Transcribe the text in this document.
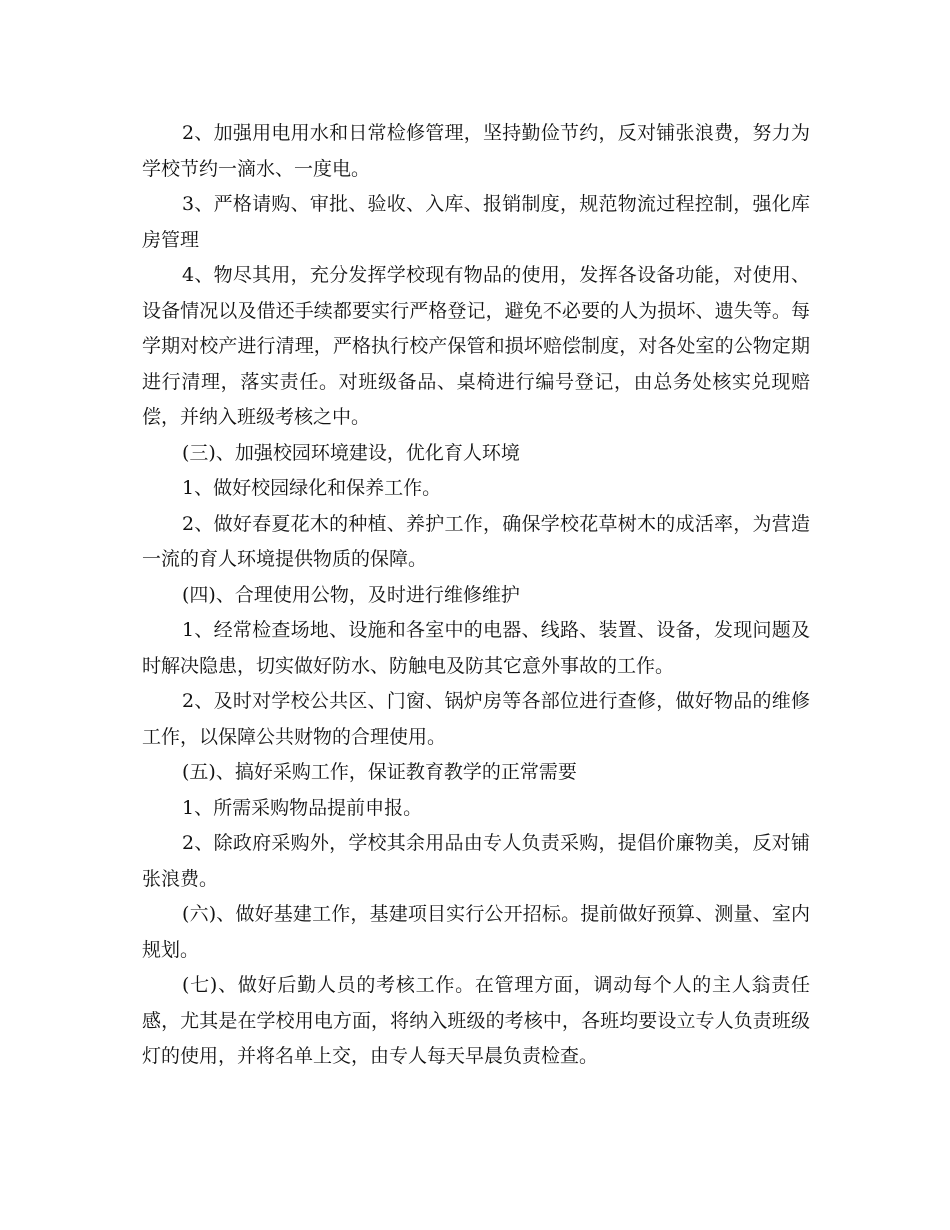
2、加强用电用水和日常检修管理，坚持勤俭节约，反对铺张浪费，努力为学校节约一滴水、一度电。

3、严格请购、审批、验收、入库、报销制度，规范物流过程控制，强化库房管理

4、物尽其用，充分发挥学校现有物品的使用，发挥各设备功能，对使用、设备情况以及借还手续都要实行严格登记，避免不必要的人为损坏、遗失等。每学期对校产进行清理，严格执行校产保管和损坏赔偿制度，对各处室的公物定期进行清理，落实责任。对班级备品、桌椅进行编号登记，由总务处核实兑现赔偿，并纳入班级考核之中。

(三)、加强校园环境建设，优化育人环境

1、做好校园绿化和保养工作。

2、做好春夏花木的种植、养护工作，确保学校花草树木的成活率，为营造一流的育人环境提供物质的保障。

(四)、合理使用公物，及时进行维修维护

1、经常检查场地、设施和各室中的电器、线路、装置、设备，发现问题及时解决隐患，切实做好防水、防触电及防其它意外事故的工作。

2、及时对学校公共区、门窗、锅炉房等各部位进行查修，做好物品的维修工作，以保障公共财物的合理使用。

(五)、搞好采购工作，保证教育教学的正常需要

1、所需采购物品提前申报。

2、除政府采购外，学校其余用品由专人负责采购，提倡价廉物美，反对铺张浪费。

(六)、做好基建工作，基建项目实行公开招标。提前做好预算、测量、室内规划。

(七)、做好后勤人员的考核工作。在管理方面，调动每个人的主人翁责任感，尤其是在学校用电方面，将纳入班级的考核中，各班均要设立专人负责班级灯的使用，并将名单上交，由专人每天早晨负责检查。
